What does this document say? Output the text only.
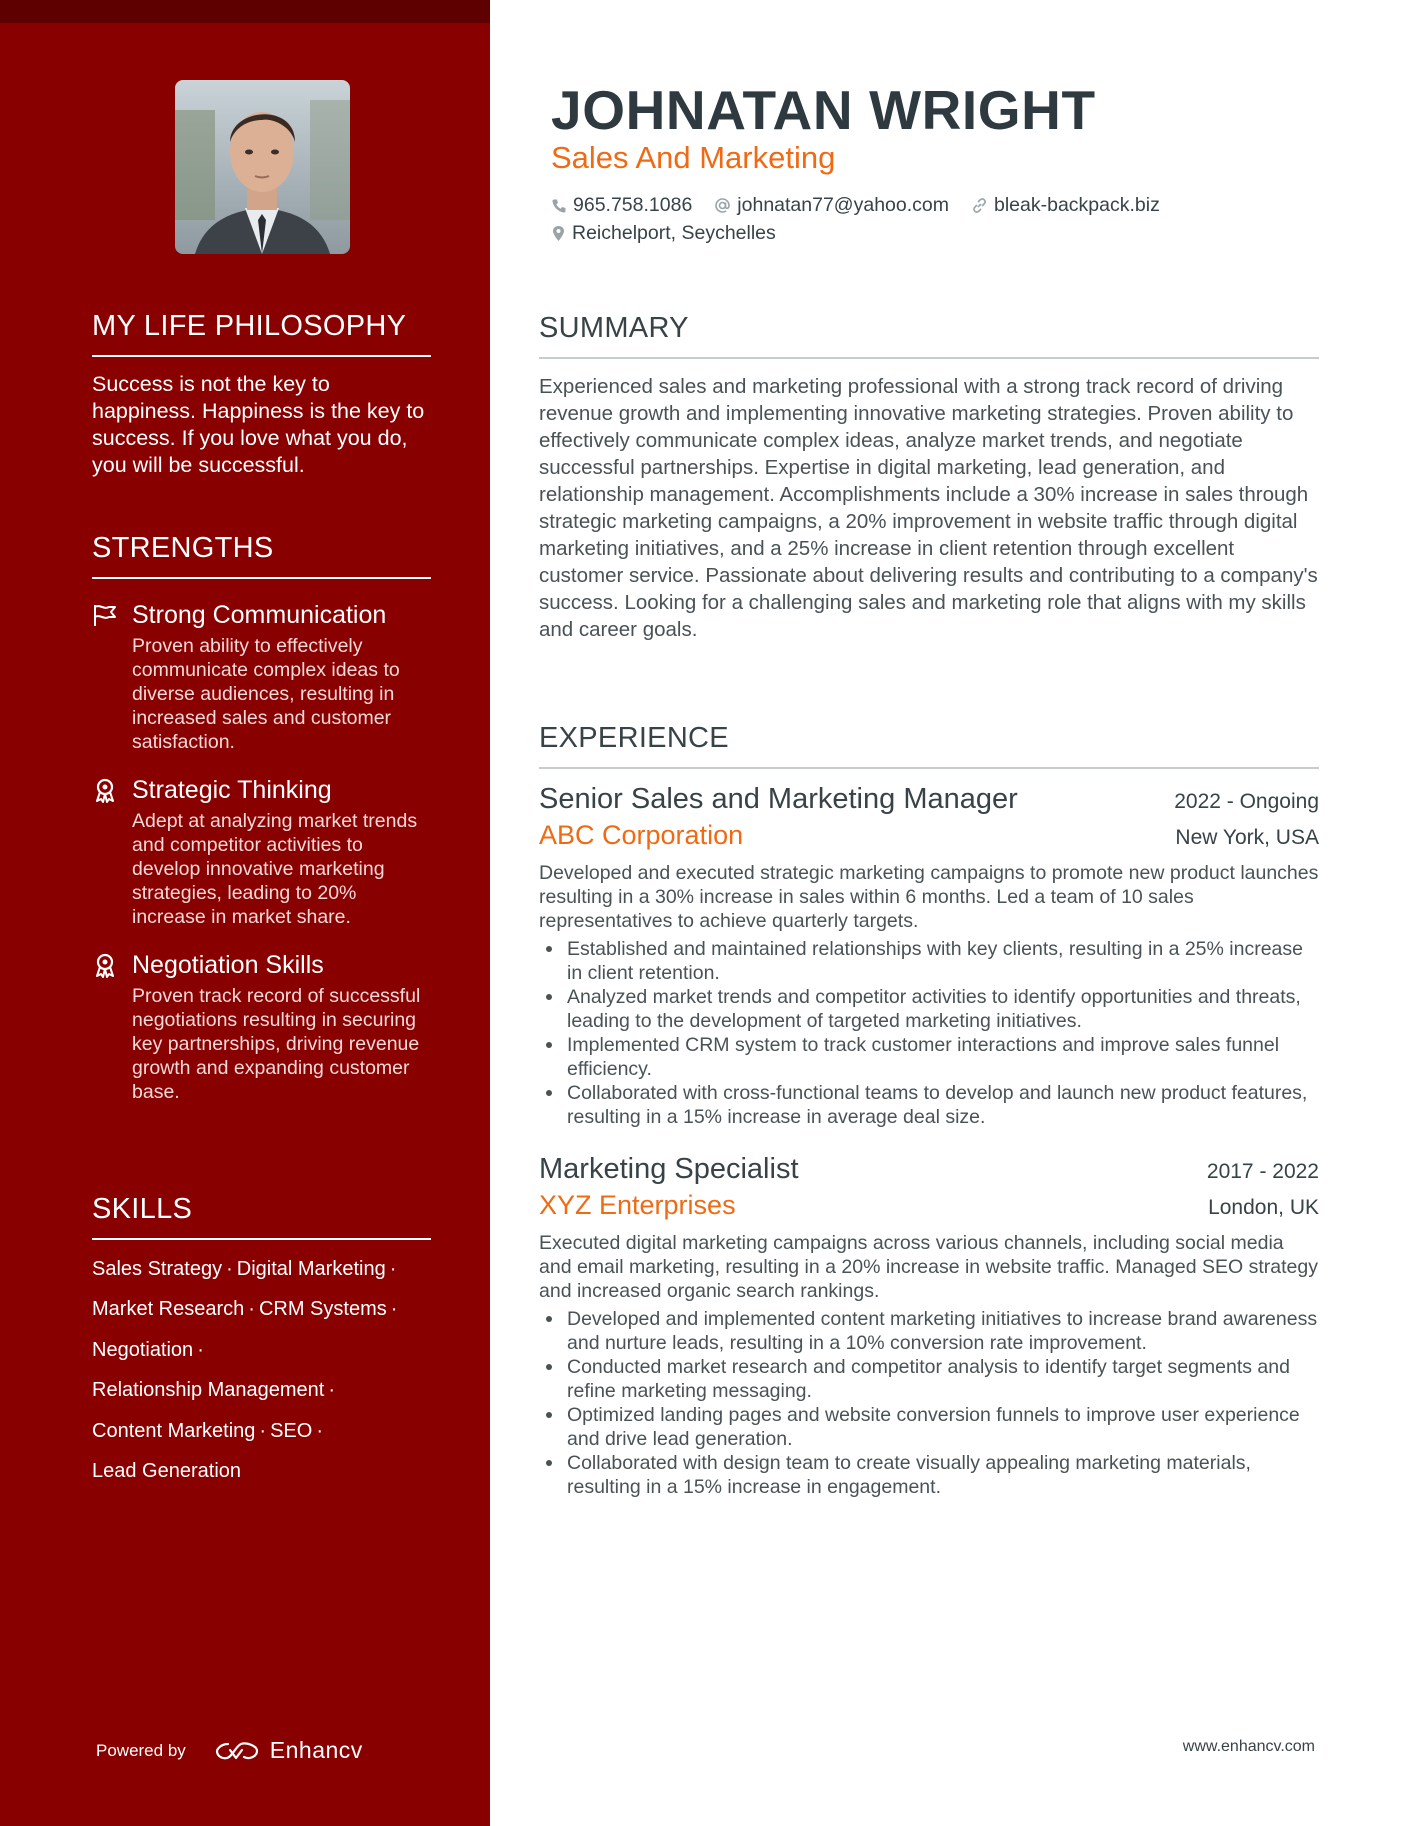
MY LIFE PHILOSOPHY
Success is not the key to happiness. Happiness is the key to success. If you love what you do, you will be successful.
STRENGTHS
Strong Communication
Proven ability to effectively communicate complex ideas to diverse audiences, resulting in increased sales and customer satisfaction.
Strategic Thinking
Adept at analyzing market trends and competitor activities to develop innovative marketing strategies, leading to 20% increase in market share.
Negotiation Skills
Proven track record of successful negotiations resulting in securing key partnerships, driving revenue growth and expanding customer base.
SKILLS
Sales Strategy · Digital Marketing ·
Market Research · CRM Systems ·
Negotiation ·
Relationship Management ·
Content Marketing · SEO ·
Lead Generation
Powered by	Enhancv
JOHNATAN WRIGHT
Sales And Marketing
965.758.1086 johnatan77@yahoo.com bleak-backpack.biz
Reichelport, Seychelles
SUMMARY
Experienced sales and marketing professional with a strong track record of driving revenue growth and implementing innovative marketing strategies. Proven ability to effectively communicate complex ideas, analyze market trends, and negotiate successful partnerships. Expertise in digital marketing, lead generation, and relationship management. Accomplishments include a 30% increase in sales through strategic marketing campaigns, a 20% improvement in website traffic through digital marketing initiatives, and a 25% increase in client retention through excellent customer service. Passionate about delivering results and contributing to a company's success. Looking for a challenging sales and marketing role that aligns with my skills and career goals.
EXPERIENCE
Senior Sales and Marketing Manager	2022 - Ongoing
ABC Corporation	New York, USA
Developed and executed strategic marketing campaigns to promote new product launches resulting in a 30% increase in sales within 6 months. Led a team of 10 sales representatives to achieve quarterly targets.
Established and maintained relationships with key clients, resulting in a 25% increase in client retention.
Analyzed market trends and competitor activities to identify opportunities and threats, leading to the development of targeted marketing initiatives.
Implemented CRM system to track customer interactions and improve sales funnel efficiency.
Collaborated with cross-functional teams to develop and launch new product features, resulting in a 15% increase in average deal size.
Marketing Specialist	2017 - 2022
XYZ Enterprises	London, UK
Executed digital marketing campaigns across various channels, including social media and email marketing, resulting in a 20% increase in website traffic. Managed SEO strategy and increased organic search rankings.
Developed and implemented content marketing initiatives to increase brand awareness and nurture leads, resulting in a 10% conversion rate improvement.
Conducted market research and competitor analysis to identify target segments and refine marketing messaging.
Optimized landing pages and website conversion funnels to improve user experience and drive lead generation.
Collaborated with design team to create visually appealing marketing materials, resulting in a 15% increase in engagement.
www.enhancv.com
